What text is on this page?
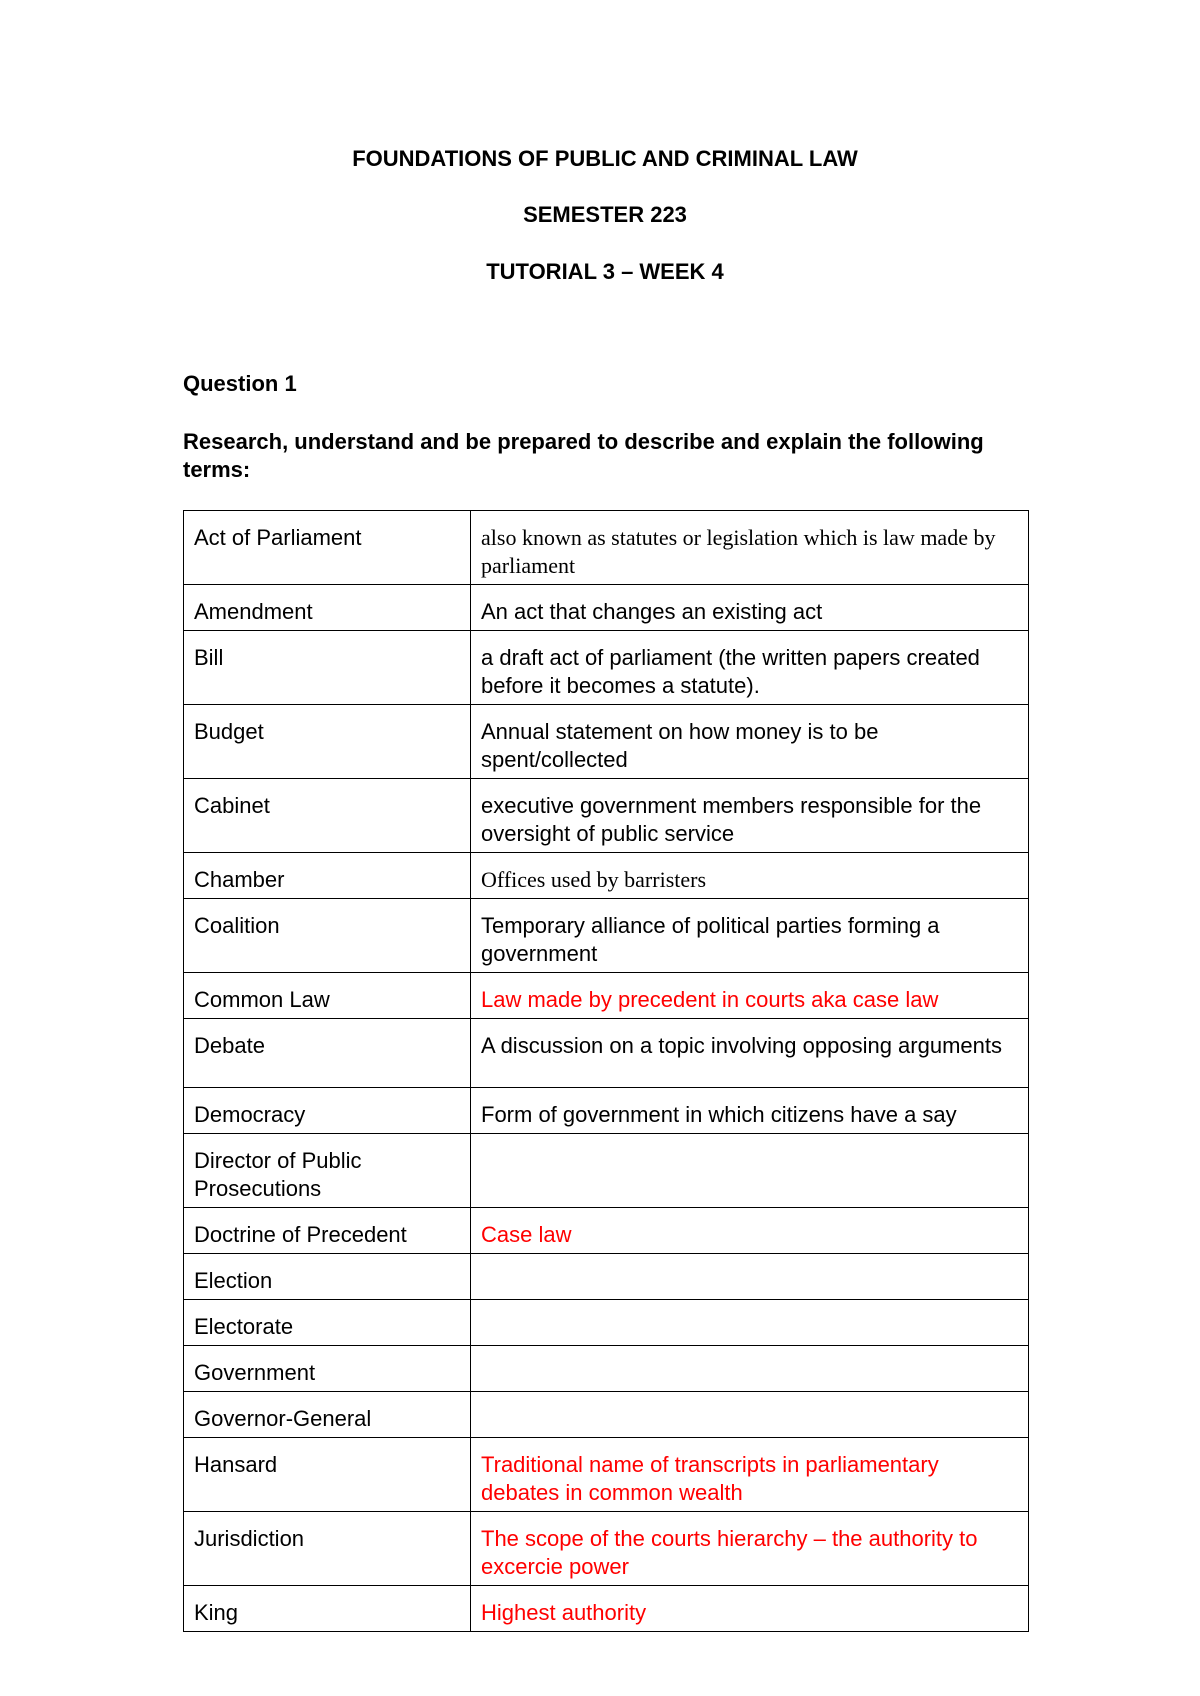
FOUNDATIONS OF PUBLIC AND CRIMINAL LAW
SEMESTER 223
TUTORIAL 3 – WEEK 4

Question 1

Research, understand and be prepared to describe and explain the following terms:

Act of Parliament	also known as statutes or legislation which is law made by parliament
Amendment	An act that changes an existing act
Bill	a draft act of parliament (the written papers created before it becomes a statute).
Budget	Annual statement on how money is to be spent/collected
Cabinet	executive government members responsible for the oversight of public service
Chamber	Offices used by barristers
Coalition	Temporary alliance of political parties forming a government
Common Law	Law made by precedent in courts aka case law
Debate	A discussion on a topic involving opposing arguments
Democracy	Form of government in which citizens have a say
Director of Public Prosecutions	
Doctrine of Precedent	Case law
Election	
Electorate	
Government	
Governor-General	
Hansard	Traditional name of transcripts in parliamentary debates in common wealth
Jurisdiction	The scope of the courts hierarchy – the authority to excercie power
King	Highest authority
